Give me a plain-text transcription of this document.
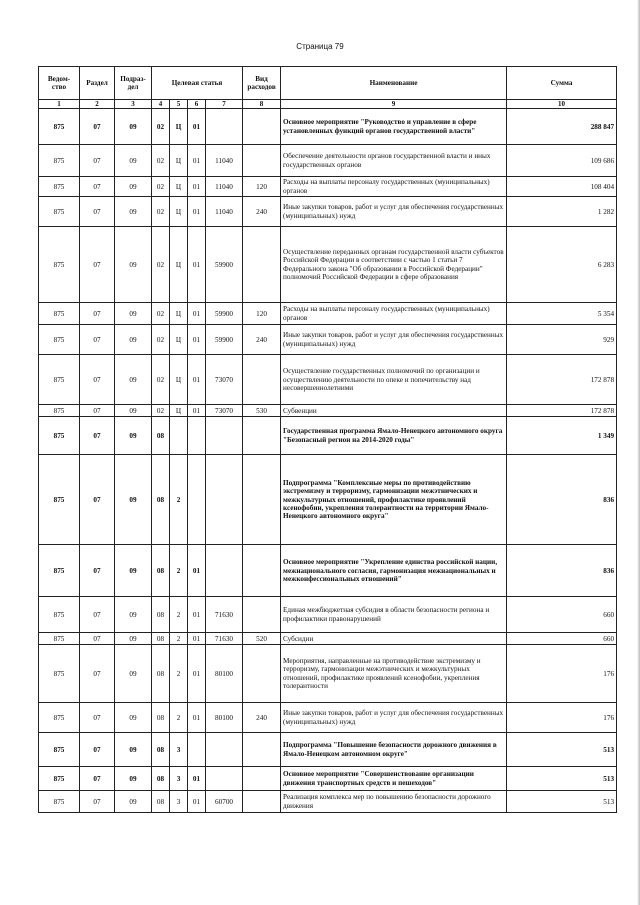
Страница 79
Ведом-ство	Раздел	Подраз-дел	Целевая статья				Вид расходов	Наименование	Сумма
1	2	3	4	5	6	7	8	9	10
875	07	09	02	Ц	01			Основное мероприятие "Руководство и управление в сфере установленных функций органов государственной власти"	288 847
875	07	09	02	Ц	01	11040		Обеспечение деятельности органов государственной власти и иных государственных органов	109 686
875	07	09	02	Ц	01	11040	120	Расходы на выплаты персоналу государственных (муниципальных) органов	108 404
875	07	09	02	Ц	01	11040	240	Иные закупки товаров, работ и услуг для обеспечения государственных (муниципальных) нужд	1 282
875	07	09	02	Ц	01	59900		Осуществление переданных органам государственной власти субъектов Российской Федерации в соответствии с частью 1 статьи 7 Федерального закона "Об образовании в Российской Федерации" полномочий Российской Федерации в сфере образования	6 283
875	07	09	02	Ц	01	59900	120	Расходы на выплаты персоналу государственных (муниципальных) органов	5 354
875	07	09	02	Ц	01	59900	240	Иные закупки товаров, работ и услуг для обеспечения государственных (муниципальных) нужд	929
875	07	09	02	Ц	01	73070		Осуществление государственных полномочий по организации и осуществлению деятельности по опеке и попечительству над несовершеннолетними	172 878
875	07	09	02	Ц	01	73070	530	Субвенции	172 878
875	07	09	08					Государственная программа Ямало-Ненецкого автономного округа "Безопасный регион на 2014-2020 годы"	1 349
875	07	09	08	2				Подпрограмма "Комплексные меры по противодействию экстремизму и терроризму, гармонизации межэтнических и межкультурных отношений, профилактике проявлений ксенофобии, укрепления толерантности на территории Ямало-Ненецкого автономного округа"	836
875	07	09	08	2	01			Основное мероприятие "Укрепление единства российской нации, межнационального согласия, гармонизация межнациональных и межконфессиональных отношений"	836
875	07	09	08	2	01	71630		Единая межбюджетная субсидия в области безопасности региона и профилактики правонарушений	660
875	07	09	08	2	01	71630	520	Субсидии	660
875	07	09	08	2	01	80100		Мероприятия, направленные на противодействие экстремизму и терроризму, гармонизации межэтнических и межкультурных отношений, профилактике проявлений ксенофобии, укрепления толерантности	176
875	07	09	08	2	01	80100	240	Иные закупки товаров, работ и услуг для обеспечения государственных (муниципальных) нужд	176
875	07	09	08	3				Подпрограмма "Повышение безопасности дорожного движения в Ямало-Ненецком автономном округе"	513
875	07	09	08	3	01			Основное мероприятие "Совершенствование организации движения транспортных средств и пешеходов"	513
875	07	09	08	3	01	60700		Реализация комплекса мер по повышению безопасности дорожного движения	513
